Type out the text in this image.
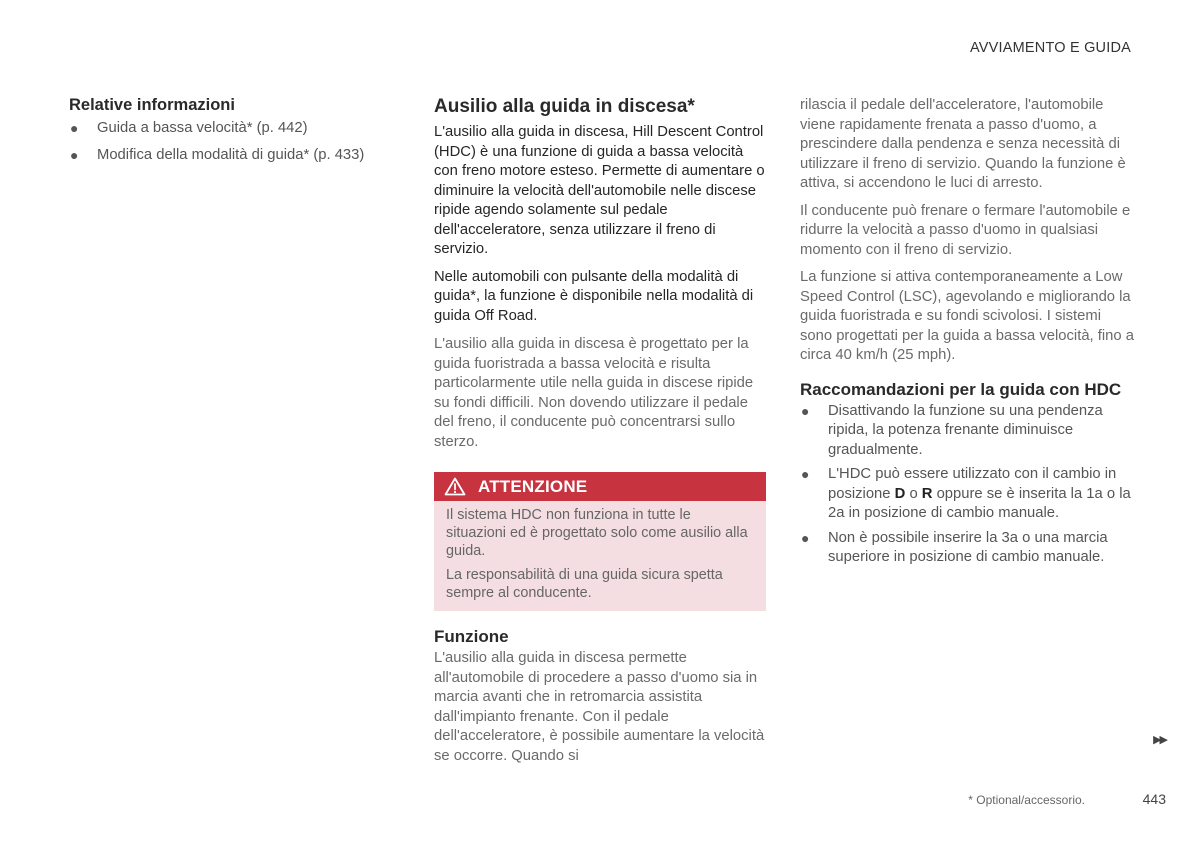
AVVIAMENTO E GUIDA
Relative informazioni
● Guida a bassa velocità* (p. 442)
● Modifica della modalità di guida* (p. 433)
Ausilio alla guida in discesa*

L'ausilio alla guida in discesa, Hill Descent Control (HDC) è una funzione di guida a bassa velocità con freno motore esteso. Permette di aumentare o diminuire la velocità dell'automobile nelle discese ripide agendo solamente sul pedale dell'acceleratore, senza utilizzare il freno di servizio.

Nelle automobili con pulsante della modalità di guida*, la funzione è disponibile nella modalità di guida Off Road.

L'ausilio alla guida in discesa è progettato per la guida fuoristrada a bassa velocità e risulta particolarmente utile nella guida in discese ripide su fondi difficili. Non dovendo utilizzare il pedale del freno, il conducente può concentrarsi sullo sterzo.

ATTENZIONE

Il sistema HDC non funziona in tutte le situazioni ed è progettato solo come ausilio alla guida.

La responsabilità di una guida sicura spetta sempre al conducente.

Funzione

L'ausilio alla guida in discesa permette all'automobile di procedere a passo d'uomo sia in marcia avanti che in retromarcia assistita dall'impianto frenante. Con il pedale dell'acceleratore, è possibile aumentare la velocità se occorre. Quando si

rilascia il pedale dell'acceleratore, l'automobile viene rapidamente frenata a passo d'uomo, a prescindere dalla pendenza e senza necessità di utilizzare il freno di servizio. Quando la funzione è attiva, si accendono le luci di arresto.

Il conducente può frenare o fermare l'automobile e ridurre la velocità a passo d'uomo in qualsiasi momento con il freno di servizio.

La funzione si attiva contemporaneamente a Low Speed Control (LSC), agevolando e migliorando la guida fuoristrada e su fondi scivolosi. I sistemi sono progettati per la guida a bassa velocità, fino a circa 40 km/h (25 mph).

Raccomandazioni per la guida con HDC
● Disattivando la funzione su una pendenza ripida, la potenza frenante diminuisce gradualmente.
● L'HDC può essere utilizzato con il cambio in posizione D o R oppure se è inserita la 1a o la 2a in posizione di cambio manuale.
● Non è possibile inserire la 3a o una marcia superiore in posizione di cambio manuale.
▶▶
* Optional/accessorio.	443
